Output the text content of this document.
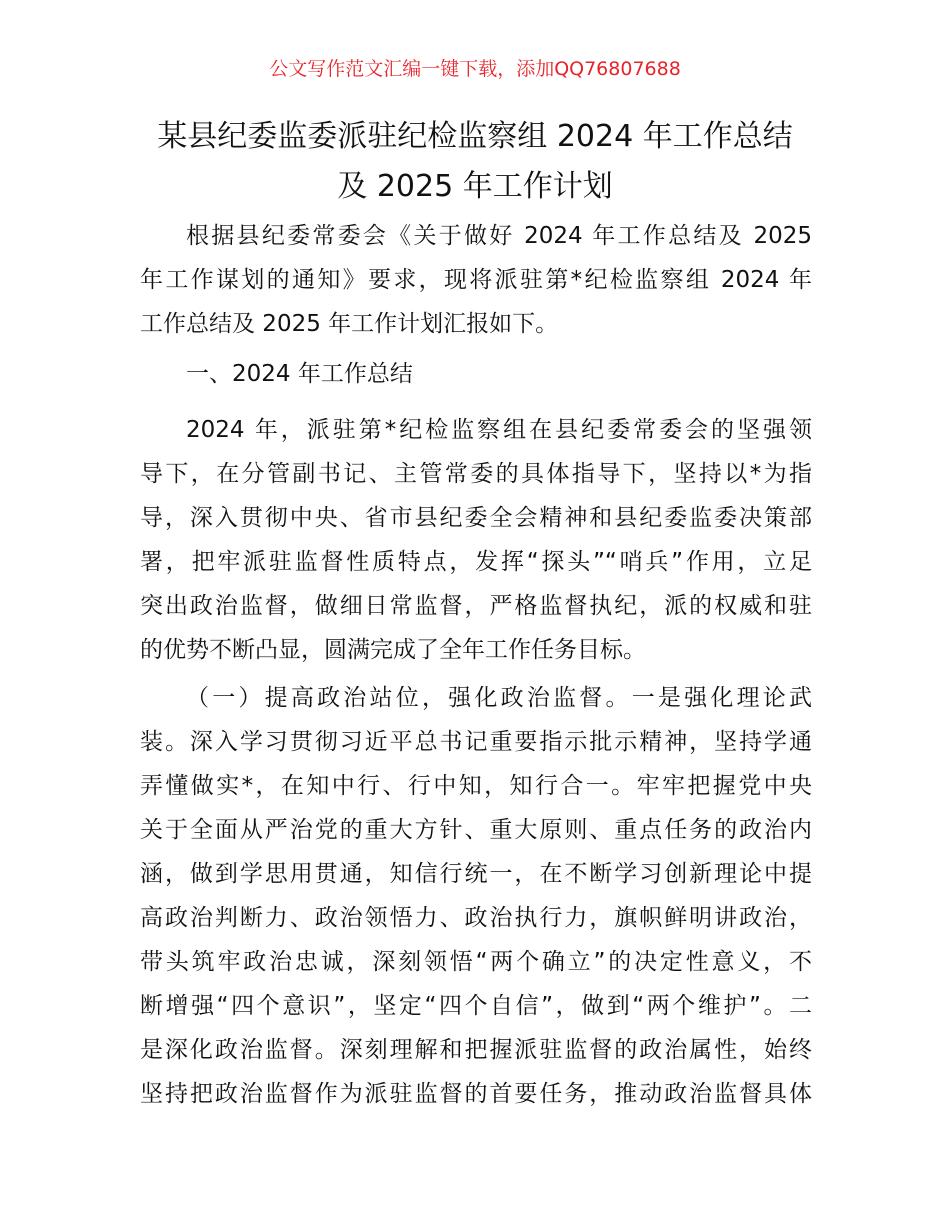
公文写作范文汇编一键下载，添加QQ76807688
某县纪委监委派驻纪检监察组 2024 年工作总结
及 2025 年工作计划
根据县纪委常委会《关于做好 2024 年工作总结及 2025
年工作谋划的通知》要求，现将派驻第*纪检监察组 2024 年
工作总结及 2025 年工作计划汇报如下。
一、2024 年工作总结
2024 年，派驻第*纪检监察组在县纪委常委会的坚强领
导下，在分管副书记、主管常委的具体指导下，坚持以*为指
导，深入贯彻中央、省市县纪委全会精神和县纪委监委决策部
署，把牢派驻监督性质特点，发挥“探头”“哨兵”作用，立足
突出政治监督，做细日常监督，严格监督执纪，派的权威和驻
的优势不断凸显，圆满完成了全年工作任务目标。
（一）提高政治站位，强化政治监督。一是强化理论武
装。深入学习贯彻习近平总书记重要指示批示精神，坚持学通
弄懂做实*，在知中行、行中知，知行合一。牢牢把握党中央
关于全面从严治党的重大方针、重大原则、重点任务的政治内
涵，做到学思用贯通，知信行统一，在不断学习创新理论中提
高政治判断力、政治领悟力、政治执行力，旗帜鲜明讲政治，
带头筑牢政治忠诚，深刻领悟“两个确立”的决定性意义，不
断增强“四个意识”，坚定“四个自信”，做到“两个维护”。二
是深化政治监督。深刻理解和把握派驻监督的政治属性，始终
坚持把政治监督作为派驻监督的首要任务，推动政治监督具体
